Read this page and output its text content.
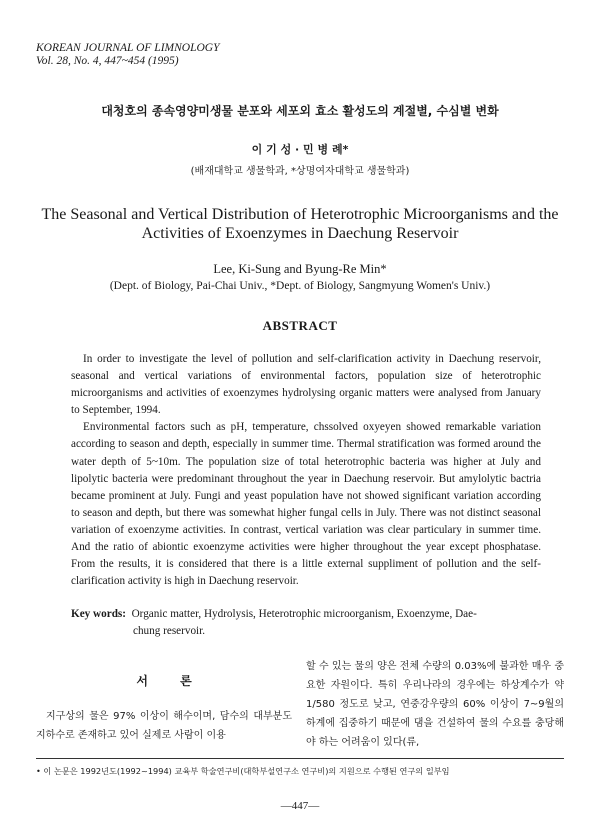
KOREAN JOURNAL OF LIMNOLOGY
Vol. 28, No. 4, 447~454 (1995)
대청호의 종속영양미생물 분포와 세포외 효소 활성도의 계절별, 수심별 변화
이 기 성 · 민 병 례*
(배재대학교 생물학과, *상명여자대학교 생물학과)
The Seasonal and Vertical Distribution of Heterotrophic Microorganisms and the Activities of Exoenzymes in Daechung Reservoir
Lee, Ki-Sung and Byung-Re Min*
(Dept. of Biology, Pai-Chai Univ., *Dept. of Biology, Sangmyung Women's Univ.)
ABSTRACT

In order to investigate the level of pollution and self-clarification activity in Daechung reservoir, seasonal and vertical variations of environmental factors, population size of heterotrophic microorganisms and activities of exoenzymes hydrolysing organic matters were analysed from January to September, 1994.

Environmental factors such as pH, temperature, chssolved oxyeyen showed remarkable variation according to season and depth, especially in summer time. Thermal stratification was formed around the water depth of 5~10m. The population size of total heterotrophic bacteria was higher at July and lipolytic bacteria were predominant throughout the year in Daechung reservoir. But amylolytic bactria became prominent at July. Fungi and yeast population have not showed significant variation according to season and depth, but there was somewhat higher fungal cells in July. There was not distinct seasonal variation of exoenzyme activities. In contrast, vertical variation was clear particulary in summer time. And the ratio of abiontic exoenzyme activities were higher throughout the year except phosphatase. From the results, it is considered that there is a little external suppliment of pollution and the self-clarification activity is high in Daechung reservoir.

Key words: Organic matter, Hydrolysis, Heterotrophic microorganism, Exoenzyme, Dae-
chung reservoir.
서 론

지구상의 물은 97% 이상이 해수이며, 담수의 대부분도 지하수로 존재하고 있어 실제로 사람이 이용

할 수 있는 물의 양은 전체 수량의 0.03%에 불과한 매우 중요한 자원이다. 특히 우리나라의 경우에는 하상계수가 약 1/580 정도로 낮고, 연중강우량의 60% 이상이 7~9월의 하계에 집중하기 때문에 댐을 건설하여 물의 수요를 충당해야 하는 어려움이 있다(류,

• 이 논문은 1992년도(1992~1994) 교육부 학술연구비(대학부설연구소 연구비)의 지원으로 수행된 연구의 일부임
—447—
